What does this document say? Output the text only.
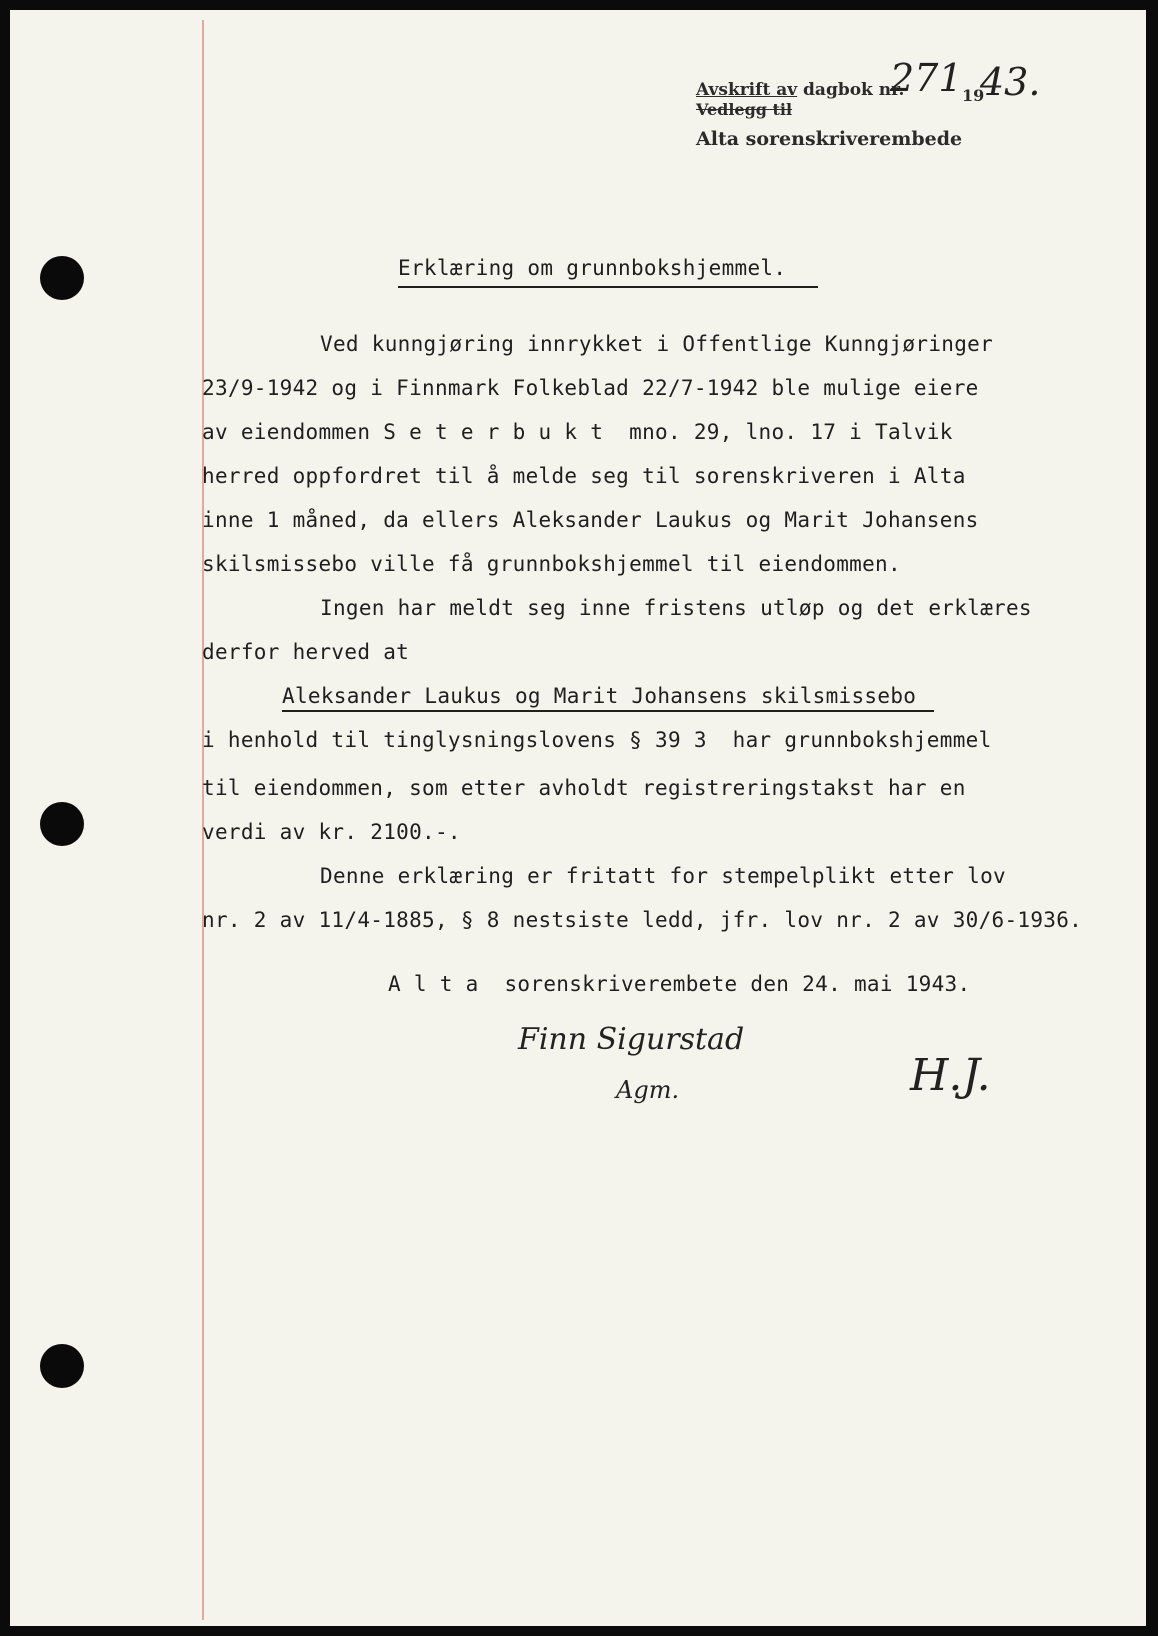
Avskrift av dagbok nr.
271 19
43.
Vedlegg til
Alta sorenskriverembede
Erklæring om grunnbokshjemmel.
Ved kunngjøring innrykket i Offentlige Kunngjøringer
23/9-1942 og i Finnmark Folkeblad 22/7-1942 ble mulige eiere
av eiendommen S e t e r b u k t  mno. 29, lno. 17 i Talvik
herred oppfordret til å melde seg til sorenskriveren i Alta
inne 1 måned, da ellers Aleksander Laukus og Marit Johansens
skilsmissebo ville få grunnbokshjemmel til eiendommen.
Ingen har meldt seg inne fristens utløp og det erklæres
derfor herved at
Aleksander Laukus og Marit Johansens skilsmissebo
i henhold til tinglysningslovens § 39 3  har grunnbokshjemmel
til eiendommen, som etter avholdt registreringstakst har en
verdi av kr. 2100.-.
Denne erklæring er fritatt for stempelplikt etter lov
nr. 2 av 11/4-1885, § 8 nestsiste ledd, jfr. lov nr. 2 av 30/6-1936.
A l t a  sorenskriverembete den 24. mai 1943.
Finn Sigurstad
Agm.	H.J.
